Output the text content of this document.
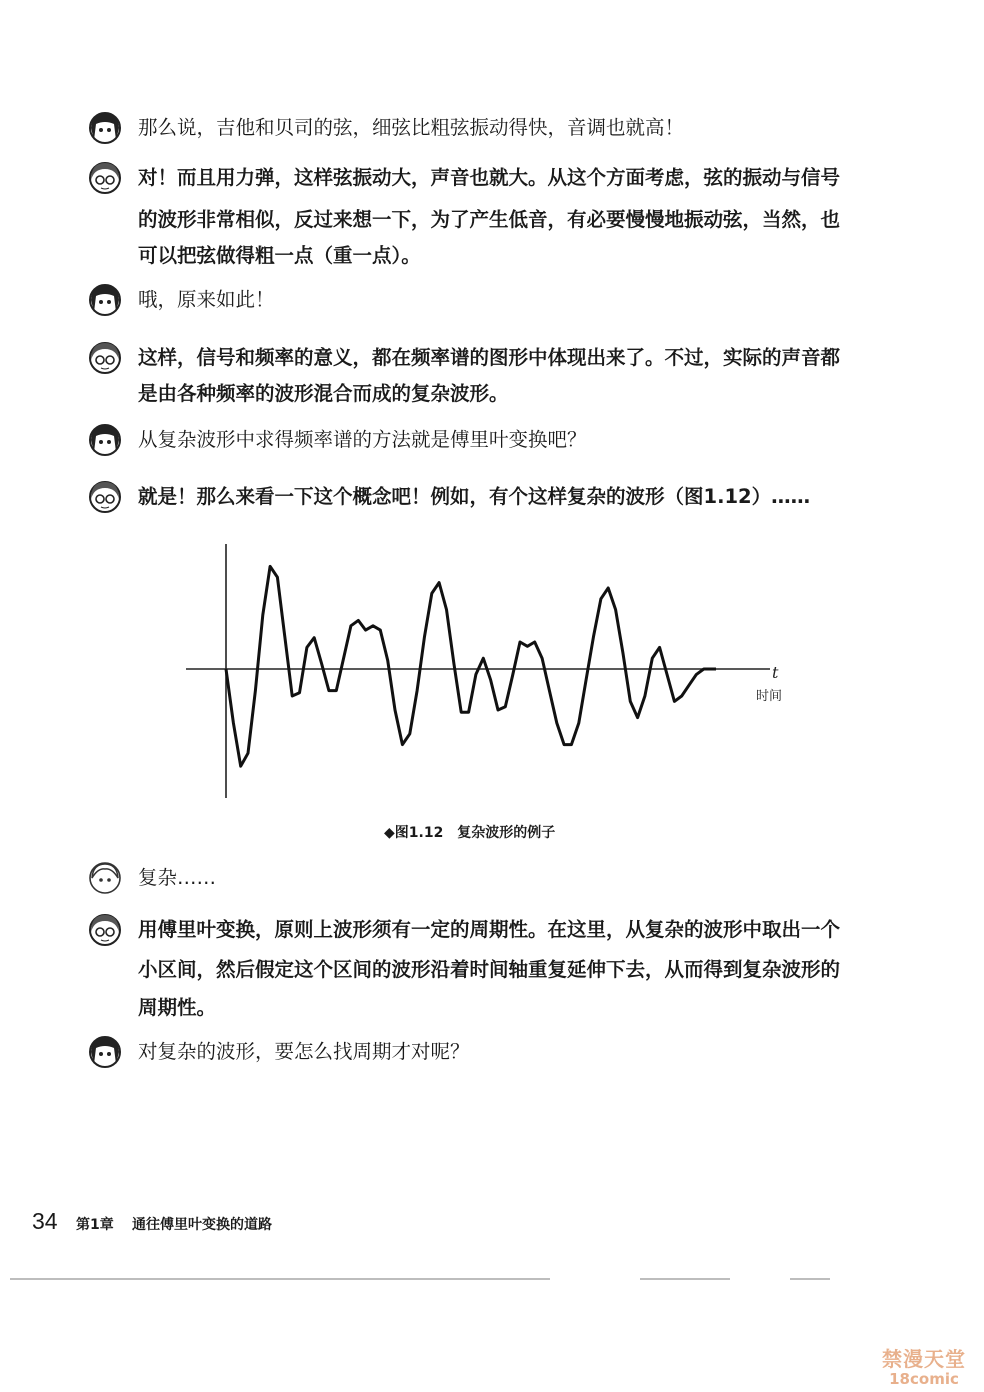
那么说，吉他和贝司的弦，细弦比粗弦振动得快，音调也就高！
对！而且用力弹，这样弦振动大，声音也就大。从这个方面考虑，弦的振动与信号
的波形非常相似，反过来想一下，为了产生低音，有必要慢慢地振动弦，当然，也
可以把弦做得粗一点（重一点）。
哦，原来如此！
这样，信号和频率的意义，都在频率谱的图形中体现出来了。不过，实际的声音都
是由各种频率的波形混合而成的复杂波形。
从复杂波形中求得频率谱的方法就是傅里叶变换吧？
就是！那么来看一下这个概念吧！例如，有个这样复杂的波形（图1.12）……
t
时间
◆图1.12　复杂波形的例子
复杂……
用傅里叶变换，原则上波形须有一定的周期性。在这里，从复杂的波形中取出一个
小区间，然后假定这个区间的波形沿着时间轴重复延伸下去，从而得到复杂波形的
周期性。
对复杂的波形，要怎么找周期才对呢？
34 第1章 通往傅里叶变换的道路
禁漫天堂
18comic
